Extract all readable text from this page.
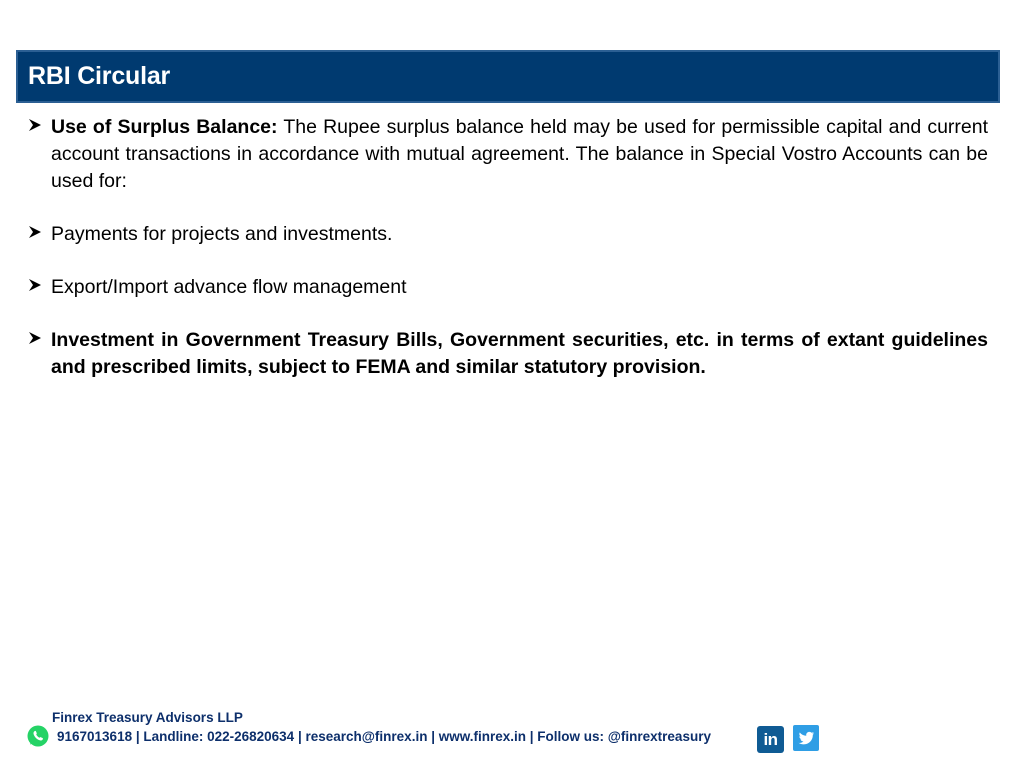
RBI Circular
Use of Surplus Balance: The Rupee surplus balance held may be used for permissible capital and current account transactions in accordance with mutual agreement. The balance in Special Vostro Accounts can be used for:
Payments for projects and investments.
Export/Import advance flow management
Investment in Government Treasury Bills, Government securities, etc. in terms of extant guidelines and prescribed limits, subject to FEMA and similar statutory provision.
Finrex Treasury Advisors LLP
9167013618 | Landline: 022-26820634 | research@finrex.in | www.finrex.in | Follow us: @finrextreasury	in
